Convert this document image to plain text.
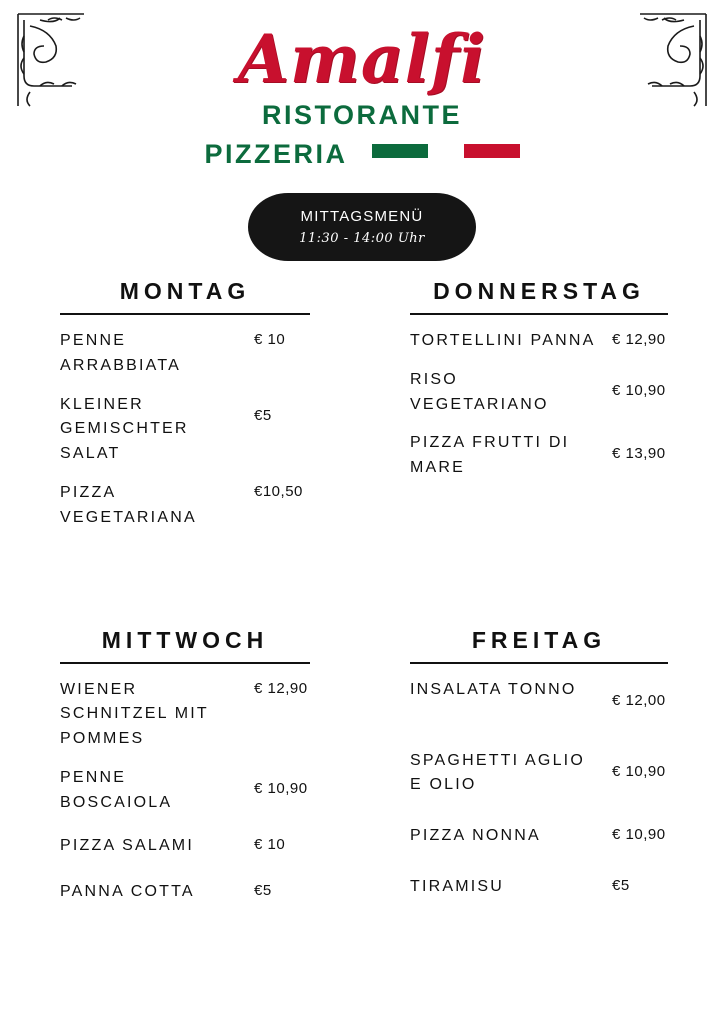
Amalfi
RISTORANTE
PIZZERIA
MITTAGSMENÜ
11:30 - 14:00 Uhr
MONTAG
PENNE ARRABBIATA
€ 10
KLEINER GEMISCHTER SALAT
€5
PIZZA VEGETARIANA
€10,50
DONNERSTAG
TORTELLINI PANNA	€ 12,90
RISO VEGETARIANO
€ 10,90
PIZZA FRUTTI DI MARE
€ 13,90
MITTWOCH
WIENER SCHNITZEL MIT POMMES
€ 12,90
PENNE BOSCAIOLA
€ 10,90
PIZZA SALAMI	€ 10
PANNA COTTA	€5
FREITAG
INSALATA TONNO
€ 12,00
SPAGHETTI AGLIO E OLIO
€ 10,90
PIZZA NONNA	€ 10,90
TIRAMISU	€5
